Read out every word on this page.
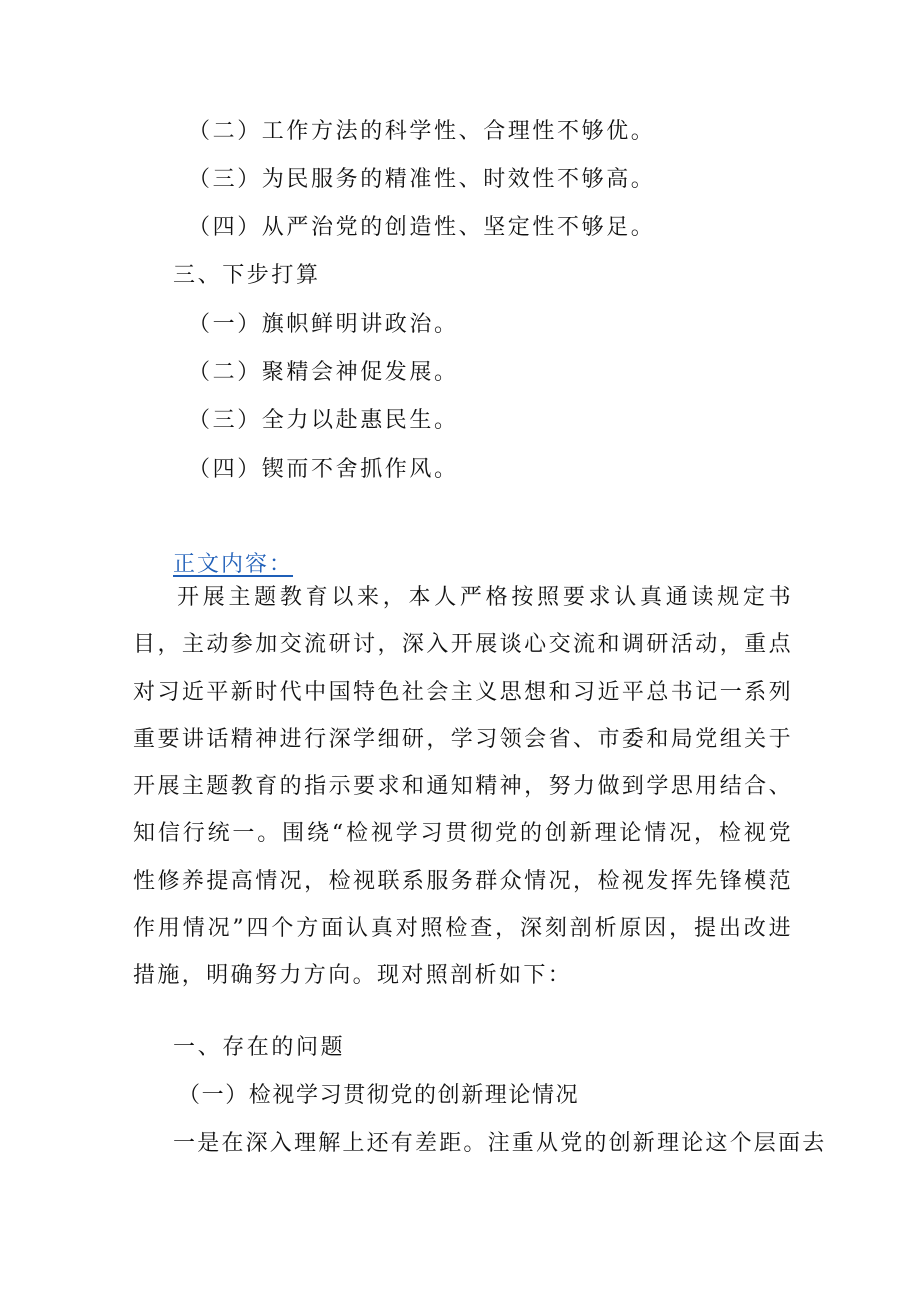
（二）工作方法的科学性、合理性不够优。
（三）为民服务的精准性、时效性不够高。
（四）从严治党的创造性、坚定性不够足。
三、下步打算
（一）旗帜鲜明讲政治。
（二）聚精会神促发展。
（三）全力以赴惠民生。
（四）锲而不舍抓作风。
正文内容：
开展主题教育以来，本人严格按照要求认真通读规定书目，主动参加交流研讨，深入开展谈心交流和调研活动，重点对习近平新时代中国特色社会主义思想和习近平总书记一系列重要讲话精神进行深学细研，学习领会省、市委和局党组关于开展主题教育的指示要求和通知精神，努力做到学思用结合、知信行统一。围绕“检视学习贯彻党的创新理论情况，检视党性修养提高情况，检视联系服务群众情况，检视发挥先锋模范作用情况”四个方面认真对照检查，深刻剖析原因，提出改进措施，明确努力方向。现对照剖析如下：
一、存在的问题
（一）检视学习贯彻党的创新理论情况
一是在深入理解上还有差距。注重从党的创新理论这个层面去
